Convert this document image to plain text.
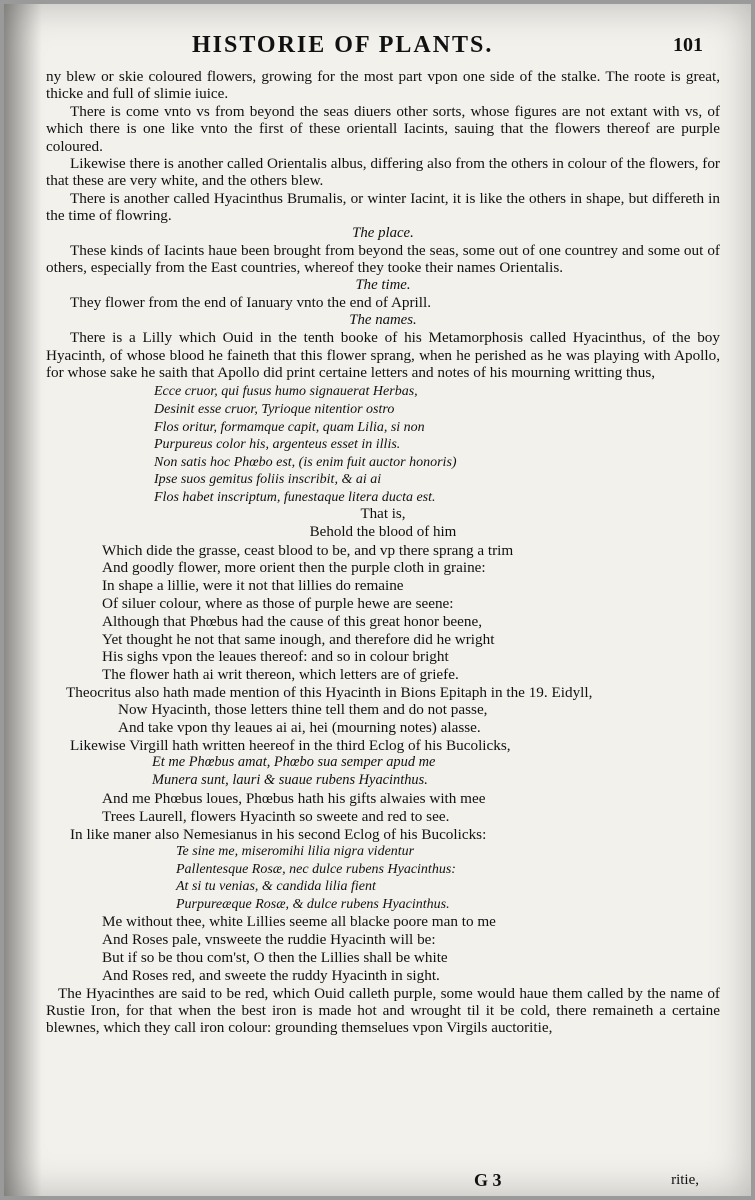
HISTORIE OF PLANTS.	101

ny blew or skie coloured flowers, growing for the most part vpon one side of the stalke. The roote is great, thicke and full of slimie iuice.

There is come vnto vs from beyond the seas diuers other sorts, whose figures are not extant with vs, of which there is one like vnto the first of these orientall Iacints, sauing that the flowers thereof are purple coloured.

Likewise there is another called Orientalis albus, differing also from the others in colour of the flowers, for that these are very white, and the others blew.

There is another called Hyacinthus Brumalis, or winter Iacint, it is like the others in shape, but differeth in the time of flowring.

The place.

These kinds of Iacints haue been brought from beyond the seas, some out of one countrey and some out of others, especially from the East countries, whereof they tooke their names Orientalis.

The time.

They flower from the end of Ianuary vnto the end of Aprill.

The names.

There is a Lilly which Ouid in the tenth booke of his Metamorphosis called Hyacinthus, of the boy Hyacinth, of whose blood he faineth that this flower sprang, when he perished as he was playing with Apollo, for whose sake he saith that Apollo did print certaine letters and notes of his mourning writting thus,

Ecce cruor, qui fusus humo signauerat Herbas,

Desinit esse cruor, Tyrioque nitentior ostro

Flos oritur, formamque capit, quam Lilia, si non

Purpureus color his, argenteus esset in illis.

Non satis hoc Phœbo est, (is enim fuit auctor honoris)

Ipse suos gemitus foliis inscribit, & ai ai

Flos habet inscriptum, funestaque litera ducta est.

That is,

Behold the blood of him

Which dide the grasse, ceast blood to be, and vp there sprang a trim

And goodly flower, more orient then the purple cloth in graine:

In shape a lillie, were it not that lillies do remaine

Of siluer colour, where as those of purple hewe are seene:

Although that Phœbus had the cause of this great honor beene,

Yet thought he not that same inough, and therefore did he wright

His sighs vpon the leaues thereof: and so in colour bright

The flower hath ai writ thereon, which letters are of griefe.

Theocritus also hath made mention of this Hyacinth in Bions Epitaph in the 19. Eidyll,

Now Hyacinth, those letters thine tell them and do not passe,

And take vpon thy leaues ai ai, hei (mourning notes) alasse.

Likewise Virgill hath written heereof in the third Eclog of his Bucolicks,

Et me Phœbus amat, Phœbo sua semper apud me

Munera sunt, lauri & suaue rubens Hyacinthus.

And me Phœbus loues, Phœbus hath his gifts alwaies with mee

Trees Laurell, flowers Hyacinth so sweete and red to see.

In like maner also Nemesianus in his second Eclog of his Bucolicks:

Te sine me, miseromihi lilia nigra videntur

Pallentesque Rosæ, nec dulce rubens Hyacinthus:

At si tu venias, & candida lilia fient

Purpureæque Rosæ, & dulce rubens Hyacinthus.

Me without thee, white Lillies seeme all blacke poore man to me

And Roses pale, vnsweete the ruddie Hyacinth will be:

But if so be thou com'st, O then the Lillies shall be white

And Roses red, and sweete the ruddy Hyacinth in sight.

The Hyacinthes are said to be red, which Ouid calleth purple, some would haue them called by the name of Rustie Iron, for that when the best iron is made hot and wrought til it be cold, there remaineth a certaine blewnes, which they call iron colour: grounding themselues vpon Virgils auctoritie,

G 3	ritie,
